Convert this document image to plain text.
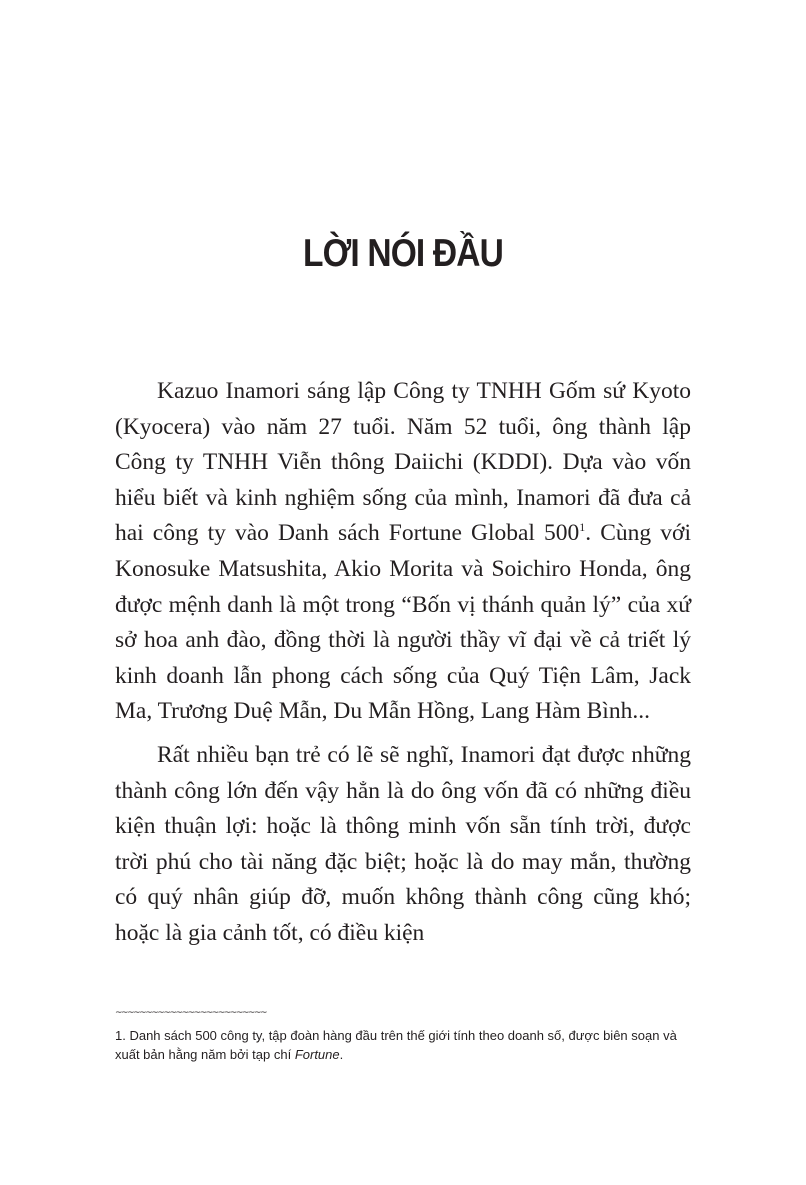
LỜI NÓI ĐẦU

Kazuo Inamori sáng lập Công ty TNHH Gốm sứ Kyoto (Kyocera) vào năm 27 tuổi. Năm 52 tuổi, ông thành lập Công ty TNHH Viễn thông Daiichi (KDDI). Dựa vào vốn hiểu biết và kinh nghiệm sống của mình, Inamori đã đưa cả hai công ty vào Danh sách Fortune Global $500^1$. Cùng với Konosuke Matsushita, Akio Morita và Soichiro Honda, ông được mệnh danh là một trong “Bốn vị thánh quản lý” của xứ sở hoa anh đào, đồng thời là người thầy vĩ đại về cả triết lý kinh doanh lẫn phong cách sống của Quý Tiện Lâm, Jack Ma, Trương Duệ Mẫn, Du Mẫn Hồng, Lang Hàm Bình...

Rất nhiều bạn trẻ có lẽ sẽ nghĩ, Inamori đạt được những thành công lớn đến vậy hẳn là do ông vốn đã có những điều kiện thuận lợi: hoặc là thông minh vốn sẵn tính trời, được trời phú cho tài năng đặc biệt; hoặc là do may mắn, thường có quý nhân giúp đỡ, muốn không thành công cũng khó; hoặc là gia cảnh tốt, có điều kiện

~~~~~~~~~~~~~~~~~~~~~~~~~
1. Danh sách 500 công ty, tập đoàn hàng đầu trên thế giới tính theo doanh số, được biên soạn và xuất bản hằng năm bởi tạp chí Fortune.
